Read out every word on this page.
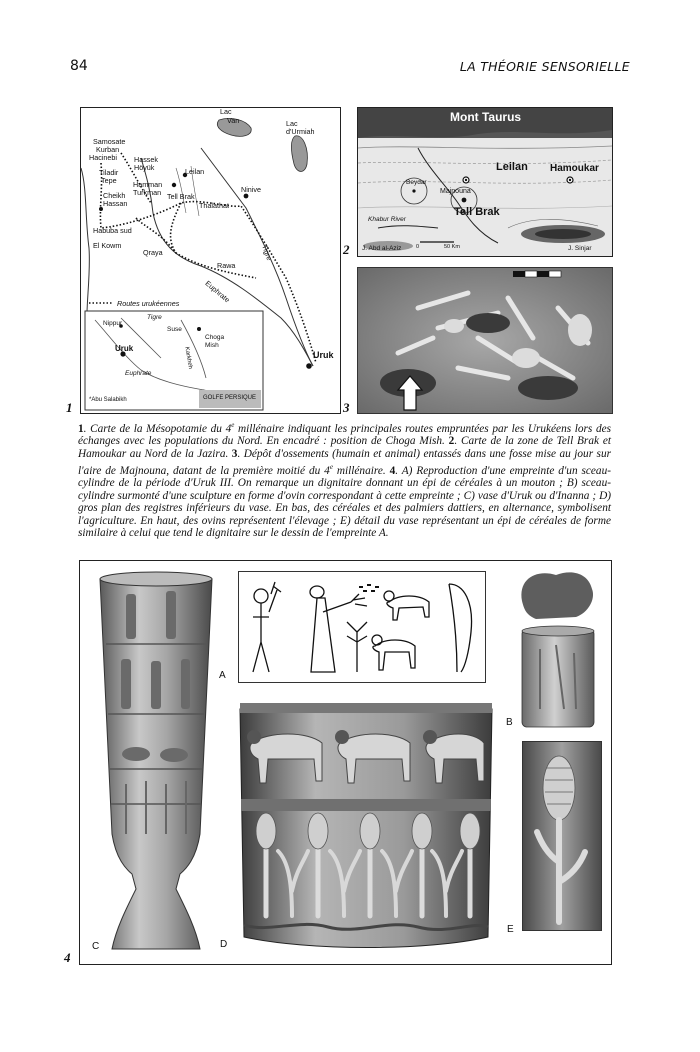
84	LA THÉORIE SENSORIELLE
Lac
Van	Lac
d'Urmiah
Samosate
Kurban
Hacinebi Hassek
Höyük
Tiladir
Tepe Hamman
Turkman
Leilan
Cheikh
Hassan
Tell Brak
Thalathat
Ninive
Habuba sud
El Kowm
Qraya
Rawa
Tigre
Euphrate
Uruk
Routes urukéennes
Nippur
Tigre
Suse
Choga
Mish
Uruk	Karkheh
Euphrate
*Abu Salabikh	GOLFE PERSIQUE
1
Mont Taurus
Leilan Hamoukar
Beydar
Majnouna
Tell Brak
Khabur River
J. Abd al-Aziz	J. Sinjar
0	50 Km
2
3
1. Carte de la Mésopotamie du 4e millénaire indiquant les principales routes empruntées par les Urukéens lors des échanges avec les populations du Nord. En encadré : position de Choga Mish. 2. Carte de la zone de Tell Brak et Hamoukar au Nord de la Jazira. 3. Dépôt d'ossements (humain et animal) entassés dans une fosse mise au jour sur l'aire de Majnouna, datant de la première moitié du 4e millénaire. 4. A) Reproduction d'une empreinte d'un sceau-cylindre de la période d'Uruk III. On remarque un dignitaire donnant un épi de céréales à un mouton ; B) sceau-cylindre surmonté d'une sculpture en forme d'ovin correspondant à cette empreinte ; C) vase d'Uruk ou d'Inanna ; D) gros plan des registres inférieurs du vase. En bas, des céréales et des palmiers dattiers, en alternance, symbolisent l'agriculture. En haut, des ovins représentent l'élevage ; E) détail du vase représentant un épi de céréales de forme similaire à celui que tend le dignitaire sur le dessin de l'empreinte A.
C
A
B
D
E
4
